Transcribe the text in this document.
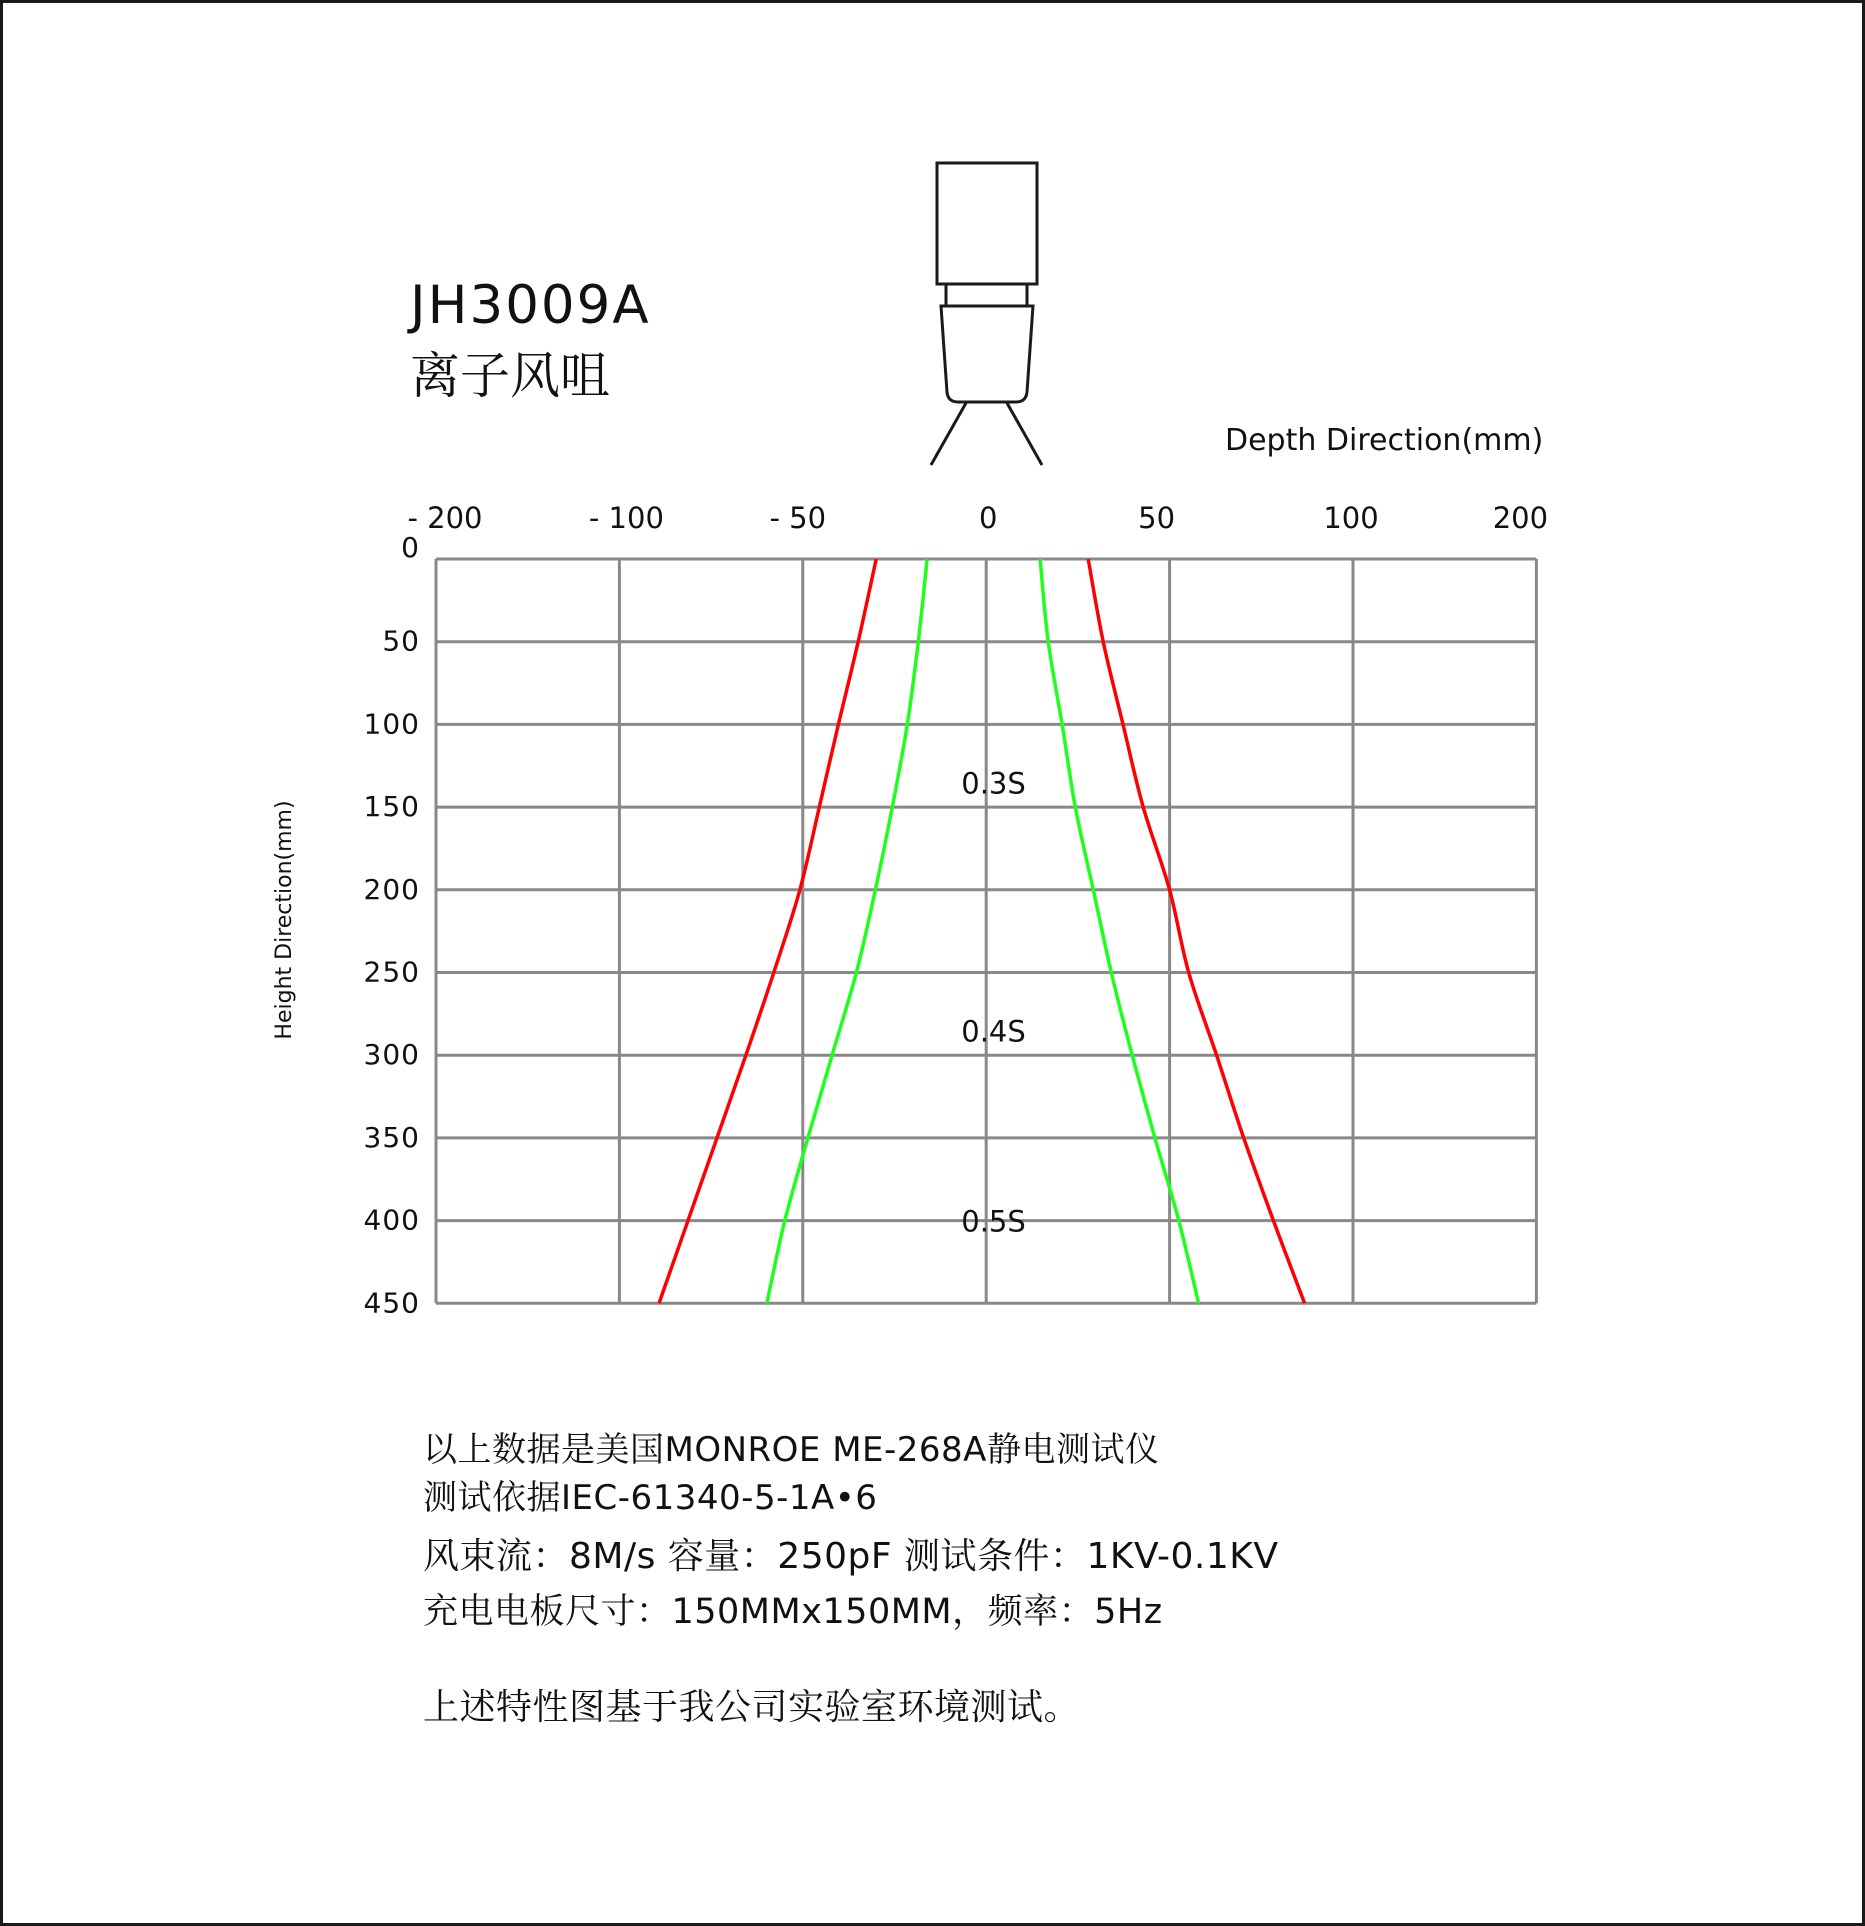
JH3009A
离子风咀
- 200	- 100	- 50	0	50	100	200
0
50
100
150
200
250
300
350
400
450
0.3S
0.4S
0.5S
Depth Direction(mm)
Height Direction(mm)
以上数据是美国MONROE ME-268A静电测试仪
测试依据IEC-61340-5-1A•6
风束流：8M/s 容量：250pF 测试条件：1KV-0.1KV
充电电板尺寸：150MMx150MM，频率：5Hz
上述特性图基于我公司实验室环境测试。
